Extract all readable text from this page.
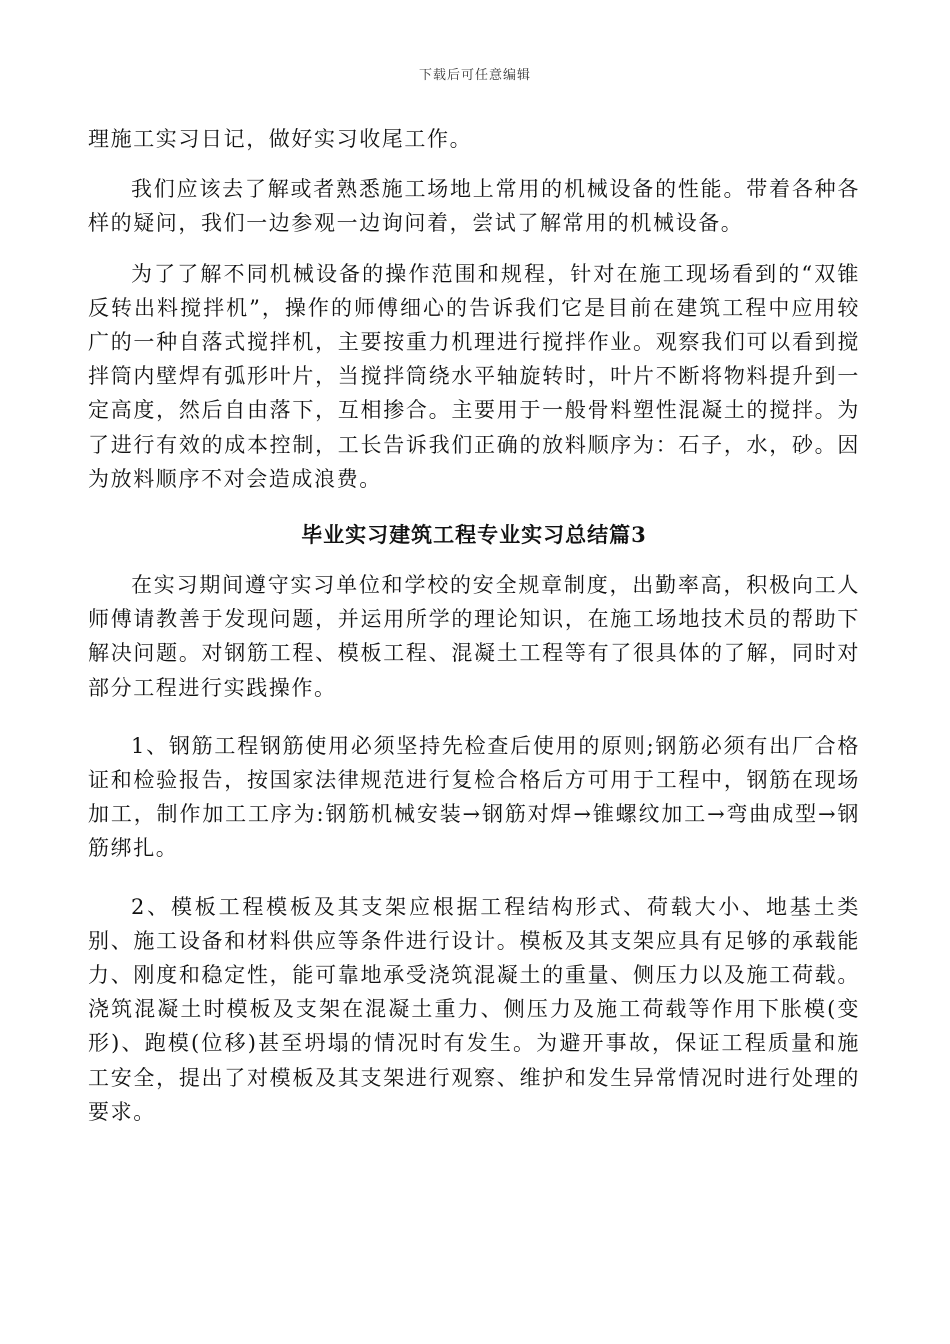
下载后可任意编辑

理施工实习日记，做好实习收尾工作。

我们应该去了解或者熟悉施工场地上常用的机械设备的性能。带着各种各样的疑问，我们一边参观一边询问着，尝试了解常用的机械设备。

为了了解不同机械设备的操作范围和规程，针对在施工现场看到的“双锥反转出料搅拌机”，操作的师傅细心的告诉我们它是目前在建筑工程中应用较广的一种自落式搅拌机，主要按重力机理进行搅拌作业。观察我们可以看到搅拌筒内壁焊有弧形叶片，当搅拌筒绕水平轴旋转时，叶片不断将物料提升到一定高度，然后自由落下，互相掺合。主要用于一般骨料塑性混凝土的搅拌。为了进行有效的成本控制，工长告诉我们正确的放料顺序为：石子，水，砂。因为放料顺序不对会造成浪费。

毕业实习建筑工程专业实习总结篇3

在实习期间遵守实习单位和学校的安全规章制度，出勤率高，积极向工人师傅请教善于发现问题，并运用所学的理论知识，在施工场地技术员的帮助下解决问题。对钢筋工程、模板工程、混凝土工程等有了很具体的了解，同时对部分工程进行实践操作。

1、钢筋工程钢筋使用必须坚持先检查后使用的原则;钢筋必须有出厂合格证和检验报告，按国家法律规范进行复检合格后方可用于工程中，钢筋在现场加工，制作加工工序为:钢筋机械安装→钢筋对焊→锥螺纹加工→弯曲成型→钢筋绑扎。

2、模板工程模板及其支架应根据工程结构形式、荷载大小、地基土类别、施工设备和材料供应等条件进行设计。模板及其支架应具有足够的承载能力、刚度和稳定性，能可靠地承受浇筑混凝土的重量、侧压力以及施工荷载。浇筑混凝土时模板及支架在混凝土重力、侧压力及施工荷载等作用下胀模(变形)、跑模(位移)甚至坍塌的情况时有发生。为避开事故，保证工程质量和施工安全，提出了对模板及其支架进行观察、维护和发生异常情况时进行处理的要求。
